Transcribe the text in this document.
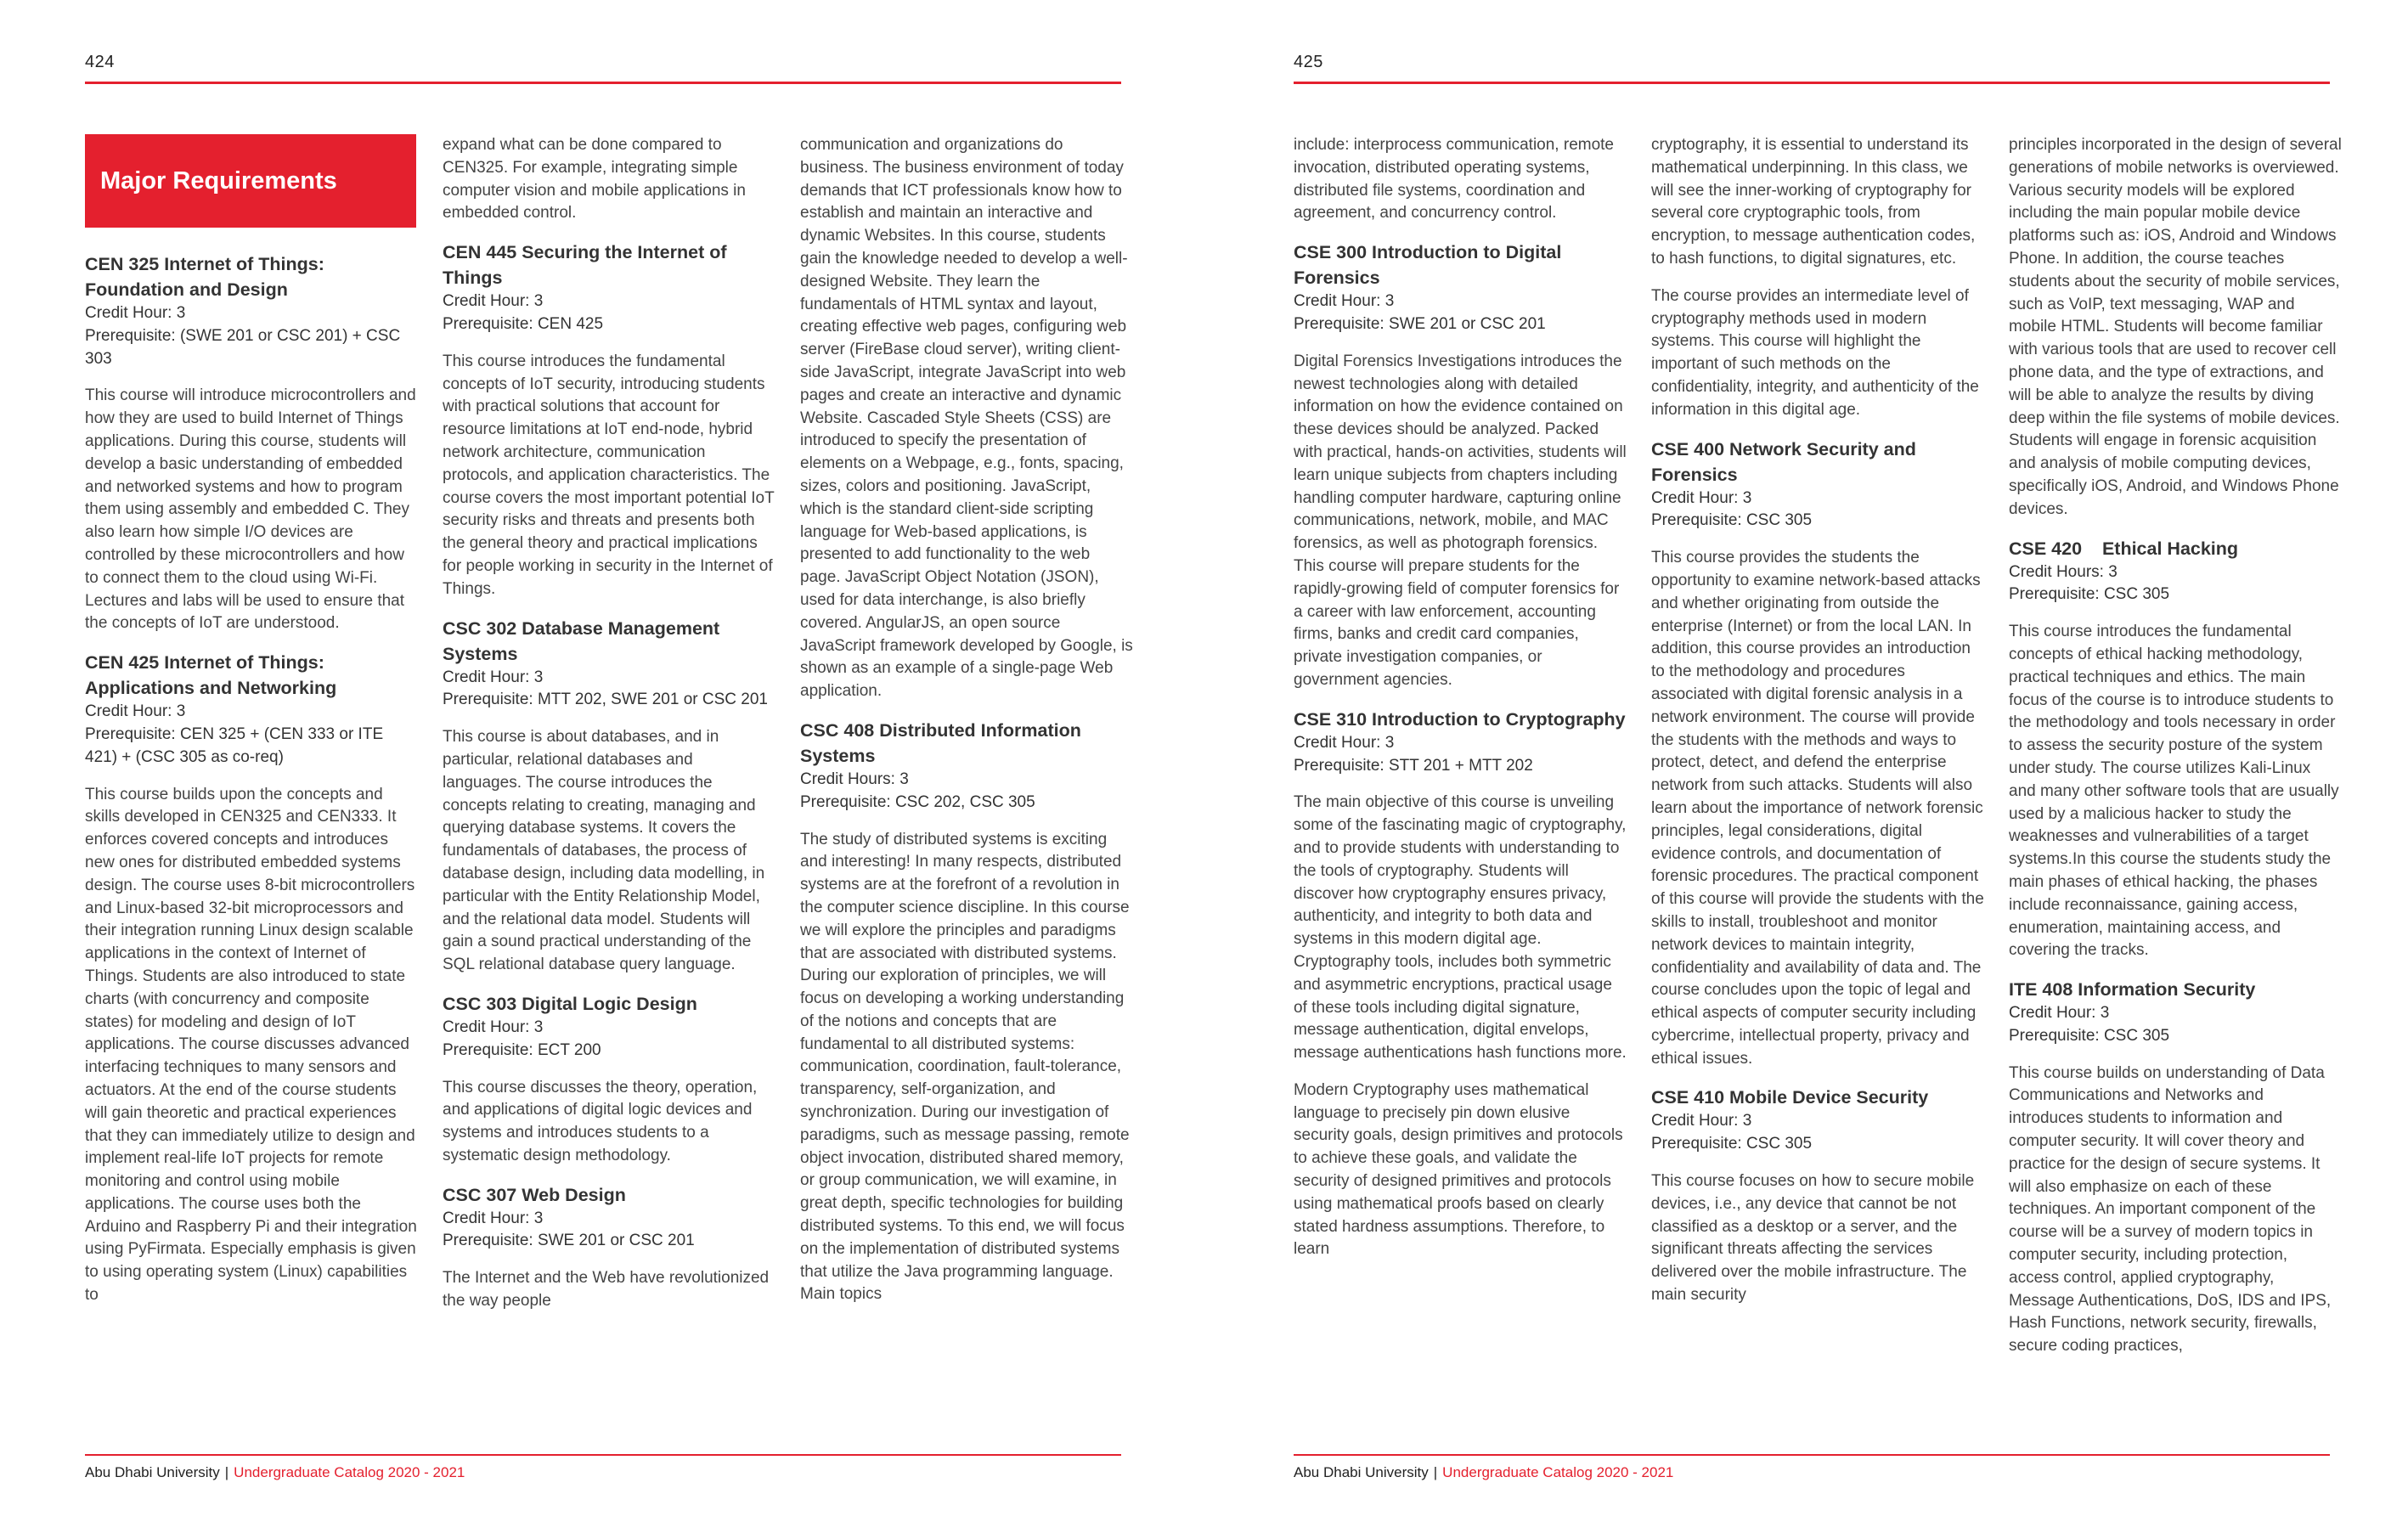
424
Major Requirements

CEN 325 Internet of Things: Foundation and Design

Credit Hour: 3

Prerequisite: (SWE 201 or CSC 201) + CSC 303

This course will introduce microcontrollers and how they are used to build Internet of Things applications. During this course, students will develop a basic understanding of embedded and networked systems and how to program them using assembly and embedded C. They also learn how simple I/O devices are controlled by these microcontrollers and how to connect them to the cloud using Wi-Fi. Lectures and labs will be used to ensure that the concepts of IoT are understood.

CEN 425 Internet of Things: Applications and Networking

Credit Hour: 3

Prerequisite: CEN 325 + (CEN 333 or ITE 421) + (CSC 305 as co-req)

This course builds upon the concepts and skills developed in CEN325 and CEN333. It enforces covered concepts and introduces new ones for distributed embedded systems design. The course uses 8-bit microcontrollers and Linux-based 32-bit microprocessors and their integration running Linux design scalable applications in the context of Internet of Things. Students are also introduced to state charts (with concurrency and composite states) for modeling and design of IoT applications. The course discusses advanced interfacing techniques to many sensors and actuators. At the end of the course students will gain theoretic and practical experiences that they can immediately utilize to design and implement real-life IoT projects for remote monitoring and control using mobile applications. The course uses both the Arduino and Raspberry Pi and their integration using PyFirmata. Especially emphasis is given to using operating system (Linux) capabilities to

expand what can be done compared to CEN325. For example, integrating simple computer vision and mobile applications in embedded control.

CEN 445 Securing the Internet of Things

Credit Hour: 3

Prerequisite: CEN 425

This course introduces the fundamental concepts of IoT security, introducing students with practical solutions that account for resource limitations at IoT end-node, hybrid network architecture, communication protocols, and application characteristics. The course covers the most important potential IoT security risks and threats and presents both the general theory and practical implications for people working in security in the Internet of Things.

CSC 302 Database Management Systems

Credit Hour: 3

Prerequisite: MTT 202, SWE 201 or CSC 201

This course is about databases, and in particular, relational databases and languages. The course introduces the concepts relating to creating, managing and querying database systems. It covers the fundamentals of databases, the process of database design, including data modelling, in particular with the Entity Relationship Model, and the relational data model. Students will gain a sound practical understanding of the SQL relational database query language.

CSC 303 Digital Logic Design

Credit Hour: 3

Prerequisite: ECT 200

This course discusses the theory, operation, and applications of digital logic devices and systems and introduces students to a systematic design methodology.

CSC 307 Web Design

Credit Hour: 3

Prerequisite: SWE 201 or CSC 201

The Internet and the Web have revolutionized the way people

communication and organizations do business. The business environment of today demands that ICT professionals know how to establish and maintain an interactive and dynamic Websites. In this course, students gain the knowledge needed to develop a well-designed Website. They learn the fundamentals of HTML syntax and layout, creating effective web pages, configuring web server (FireBase cloud server), writing client-side JavaScript, integrate JavaScript into web pages and create an interactive and dynamic Website. Cascaded Style Sheets (CSS) are introduced to specify the presentation of elements on a Webpage, e.g., fonts, spacing, sizes, colors and positioning. JavaScript, which is the standard client-side scripting language for Web-based applications, is presented to add functionality to the web page. JavaScript Object Notation (JSON), used for data interchange, is also briefly covered. AngularJS, an open source JavaScript framework developed by Google, is shown as an example of a single-page Web application.

CSC 408 Distributed Information Systems

Credit Hours: 3

Prerequisite: CSC 202, CSC 305

The study of distributed systems is exciting and interesting! In many respects, distributed systems are at the forefront of a revolution in the computer science discipline. In this course we will explore the principles and paradigms that are associated with distributed systems. During our exploration of principles, we will focus on developing a working understanding of the notions and concepts that are fundamental to all distributed systems: communication, coordination, fault-tolerance, transparency, self-organization, and synchronization. During our investigation of paradigms, such as message passing, remote object invocation, distributed shared memory, or group communication, we will examine, in great depth, specific technologies for building distributed systems. To this end, we will focus on the implementation of distributed systems that utilize the Java programming language. Main topics

Abu Dhabi University | Undergraduate Catalog 2020 - 2021
425

include: interprocess communication, remote invocation, distributed operating systems, distributed file systems, coordination and agreement, and concurrency control.

CSE 300 Introduction to Digital Forensics

Credit Hour: 3

Prerequisite: SWE 201 or CSC 201

Digital Forensics Investigations introduces the newest technologies along with detailed information on how the evidence contained on these devices should be analyzed. Packed with practical, hands-on activities, students will learn unique subjects from chapters including handling computer hardware, capturing online communications, network, mobile, and MAC forensics, as well as photograph forensics. This course will prepare students for the rapidly-growing field of computer forensics for a career with law enforcement, accounting firms, banks and credit card companies, private investigation companies, or government agencies.

CSE 310 Introduction to Cryptography

Credit Hour: 3

Prerequisite: STT 201 + MTT 202

The main objective of this course is unveiling some of the fascinating magic of cryptography, and to provide students with understanding to the tools of cryptography. Students will discover how cryptography ensures privacy, authenticity, and integrity to both data and systems in this modern digital age. Cryptography tools, includes both symmetric and asymmetric encryptions, practical usage of these tools including digital signature, message authentication, digital envelops, message authentications hash functions more.

Modern Cryptography uses mathematical language to precisely pin down elusive security goals, design primitives and protocols to achieve these goals, and validate the security of designed primitives and protocols using mathematical proofs based on clearly stated hardness assumptions. Therefore, to learn

cryptography, it is essential to understand its mathematical underpinning. In this class, we will see the inner-working of cryptography for several core cryptographic tools, from encryption, to message authentication codes, to hash functions, to digital signatures, etc.

The course provides an intermediate level of cryptography methods used in modern systems. This course will highlight the important of such methods on the confidentiality, integrity, and authenticity of the information in this digital age.

CSE 400 Network Security and Forensics

Credit Hour: 3

Prerequisite: CSC 305

This course provides the students the opportunity to examine network-based attacks and whether originating from outside the enterprise (Internet) or from the local LAN. In addition, this course provides an introduction to the methodology and procedures associated with digital forensic analysis in a network environment. The course will provide the students with the methods and ways to protect, detect, and defend the enterprise network from such attacks. Students will also learn about the importance of network forensic principles, legal considerations, digital evidence controls, and documentation of forensic procedures. The practical component of this course will provide the students with the skills to install, troubleshoot and monitor network devices to maintain integrity, confidentiality and availability of data and. The course concludes upon the topic of legal and ethical aspects of computer security including cybercrime, intellectual property, privacy and ethical issues.

CSE 410 Mobile Device Security

Credit Hour: 3

Prerequisite: CSC 305

This course focuses on how to secure mobile devices, i.e., any device that cannot be not classified as a desktop or a server, and the significant threats affecting the services delivered over the mobile infrastructure. The main security

principles incorporated in the design of several generations of mobile networks is overviewed. Various security models will be explored including the main popular mobile device platforms such as: iOS, Android and Windows Phone. In addition, the course teaches students about the security of mobile services, such as VoIP, text messaging, WAP and mobile HTML. Students will become familiar with various tools that are used to recover cell phone data, and the type of extractions, and will be able to analyze the results by diving deep within the file systems of mobile devices. Students will engage in forensic acquisition and analysis of mobile computing devices, specifically iOS, Android, and Windows Phone devices.

CSE 420    Ethical Hacking

Credit Hours: 3

Prerequisite: CSC 305

This course introduces the fundamental concepts of ethical hacking methodology, practical techniques and ethics. The main focus of the course is to introduce students to the methodology and tools necessary in order to assess the security posture of the system under study. The course utilizes Kali-Linux and many other software tools that are usually used by a malicious hacker to study the weaknesses and vulnerabilities of a target systems.In this course the students study the main phases of ethical hacking, the phases include reconnaissance, gaining access, enumeration, maintaining access, and covering the tracks.

ITE 408 Information Security

Credit Hour: 3

Prerequisite: CSC 305

This course builds on understanding of Data Communications and Networks and introduces students to information and computer security. It will cover theory and practice for the design of secure systems. It will also emphasize on each of these techniques. An important component of the course will be a survey of modern topics in computer security, including protection, access control, applied cryptography, Message Authentications, DoS, IDS and IPS, Hash Functions, network security, firewalls, secure coding practices,

Abu Dhabi University | Undergraduate Catalog 2020 - 2021
